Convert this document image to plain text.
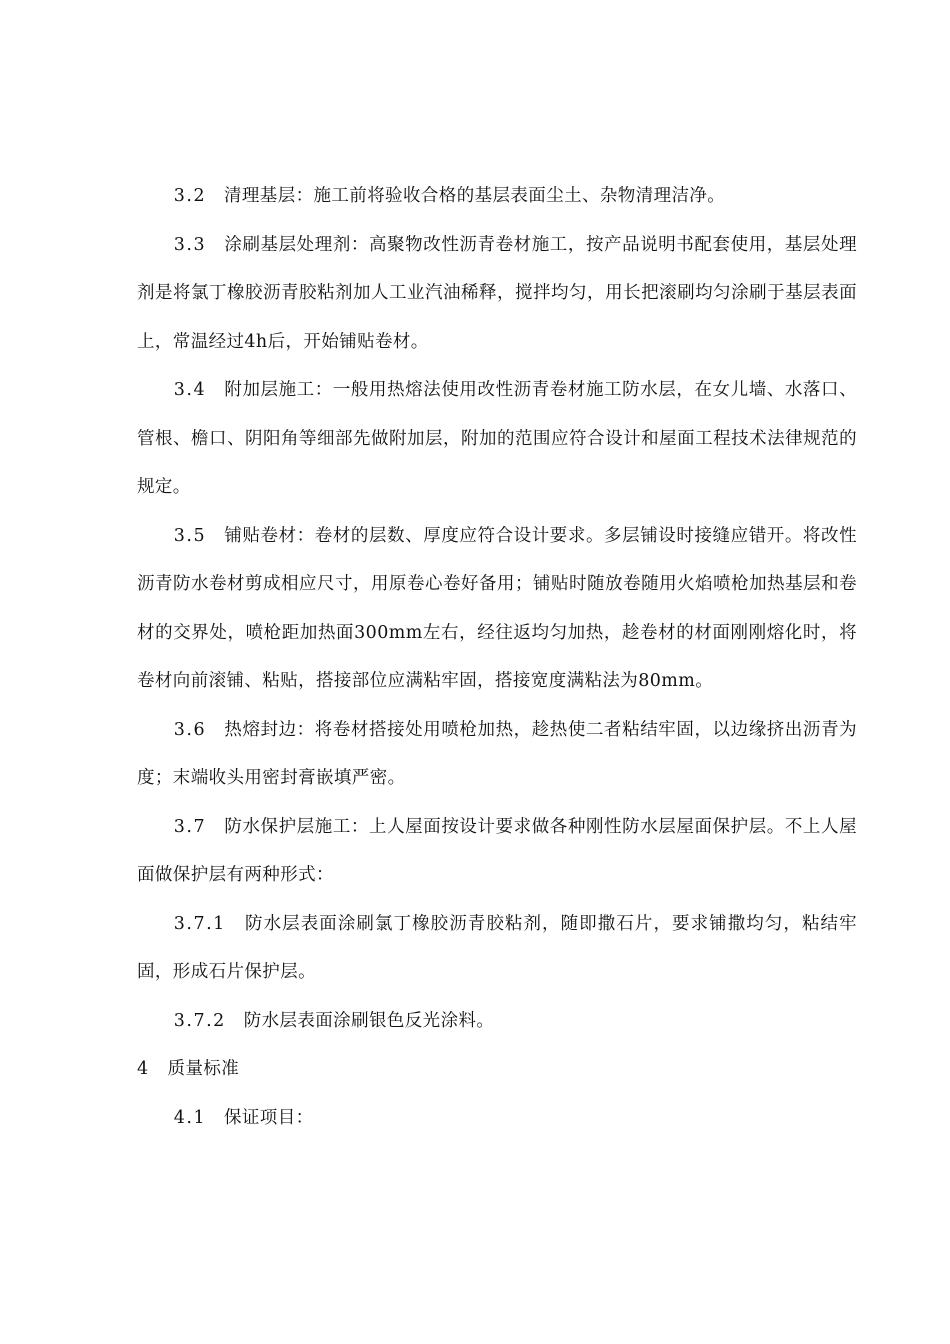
3.2　 清理基层：施工前将验收合格的基层表面尘土、杂物清理洁净。

3.3　 涂刷基层处理剂：高聚物改性沥青卷材施工，按产品说明书配套使用，基层处理剂是将氯丁橡胶沥青胶粘剂加人工业汽油稀释，搅拌均匀，用长把滚刷均匀涂刷于基层表面上，常温经过4h后，开始铺贴卷材。

3.4　 附加层施工：一般用热熔法使用改性沥青卷材施工防水层，在女儿墙、水落口、管根、檐口、阴阳角等细部先做附加层，附加的范围应符合设计和屋面工程技术法律规范的规定。

3.5　 铺贴卷材：卷材的层数、厚度应符合设计要求。多层铺设时接缝应错开。将改性沥青防水卷材剪成相应尺寸，用原卷心卷好备用；铺贴时随放卷随用火焰喷枪加热基层和卷材的交界处，喷枪距加热面300mm左右，经往返均匀加热，趁卷材的材面刚刚熔化时，将卷材向前滚铺、粘贴，搭接部位应满粘牢固，搭接宽度满粘法为80mm。

3.6　 热熔封边：将卷材搭接处用喷枪加热，趁热使二者粘结牢固，以边缘挤出沥青为度；末端收头用密封膏嵌填严密。

3.7　 防水保护层施工：上人屋面按设计要求做各种刚性防水层屋面保护层。不上人屋面做保护层有两种形式：

3.7.1　 防水层表面涂刷氯丁橡胶沥青胶粘剂，随即撒石片，要求铺撒均匀，粘结牢固，形成石片保护层。

3.7.2　 防水层表面涂刷银色反光涂料。

4　 质量标准

4.1　 保证项目：
